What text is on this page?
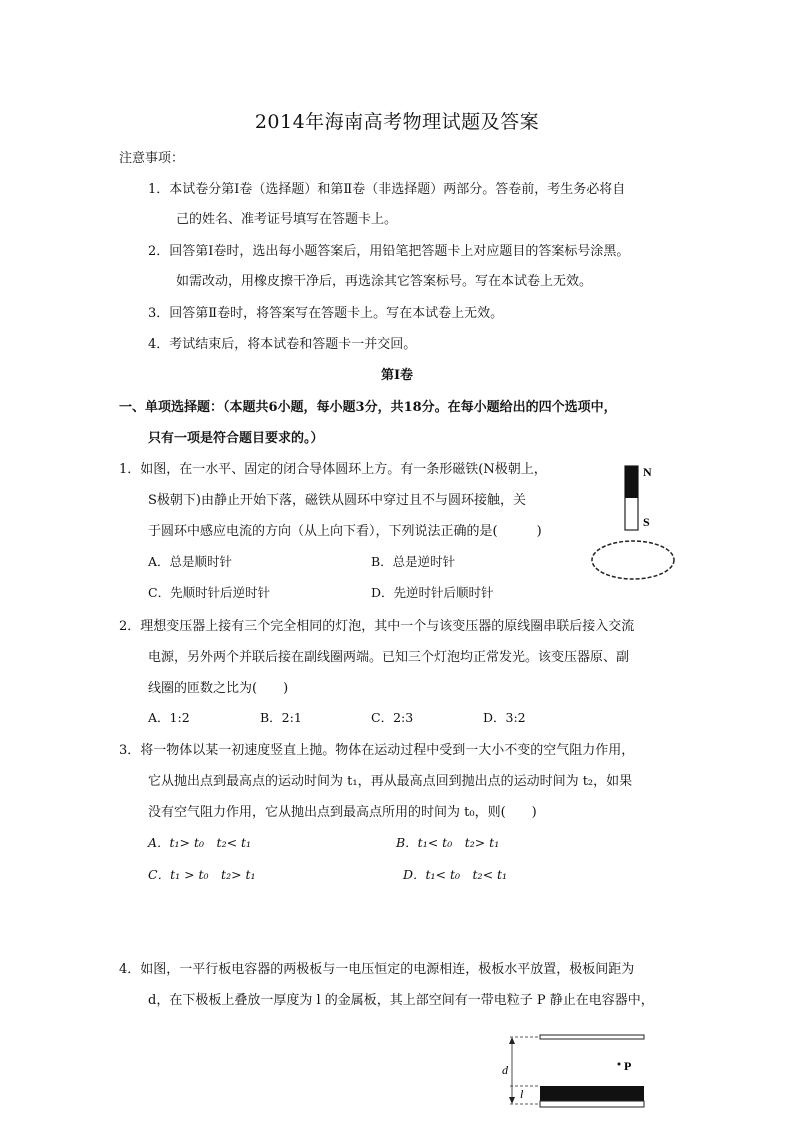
2014年海南高考物理试题及答案
注意事项：
1．本试卷分第Ⅰ卷（选择题）和第Ⅱ卷（非选择题）两部分。答卷前，考生务必将自
己的姓名、准考证号填写在答题卡上。
2．回答第Ⅰ卷时，选出每小题答案后，用铅笔把答题卡上对应题目的答案标号涂黑。
如需改动，用橡皮擦干净后，再选涂其它答案标号。写在本试卷上无效。
3．回答第Ⅱ卷时，将答案写在答题卡上。写在本试卷上无效。
4．考试结束后，将本试卷和答题卡一并交回。
第Ⅰ卷
一、单项选择题：（本题共6小题，每小题3分，共18分。在每小题给出的四个选项中，
只有一项是符合题目要求的。）
1．如图，在一水平、固定的闭合导体圆环上方。有一条形磁铁(N极朝上，
S极朝下)由静止开始下落，磁铁从圆环中穿过且不与圆环接触，关
于圆环中感应电流的方向（从上向下看），下列说法正确的是(　　　)
A．总是顺时针	B．总是逆时针
C．先顺时针后逆时针	D．先逆时针后顺时针
N
S
2．理想变压器上接有三个完全相同的灯泡，其中一个与该变压器的原线圈串联后接入交流
电源，另外两个并联后接在副线圈两端。已知三个灯泡均正常发光。该变压器原、副
线圈的匝数之比为(　　)
A．1:2	B．2:1	C．2:3	D．3:2
3．将一物体以某一初速度竖直上抛。物体在运动过程中受到一大小不变的空气阻力作用，
它从抛出点到最高点的运动时间为 t₁，再从最高点回到抛出点的运动时间为 t₂，如果
没有空气阻力作用，它从抛出点到最高点所用的时间为 t₀，则(　　)
A．t₁> t₀　t₂< t₁	B．t₁< t₀　t₂> t₁
C．t₁ > t₀　t₂> t₁	D．t₁< t₀　t₂< t₁
4．如图，一平行板电容器的两极板与一电压恒定的电源相连，极板水平放置，极板间距为
d，在下极板上叠放一厚度为 l 的金属板，其上部空间有一带电粒子 P 静止在电容器中，
P
d
l
